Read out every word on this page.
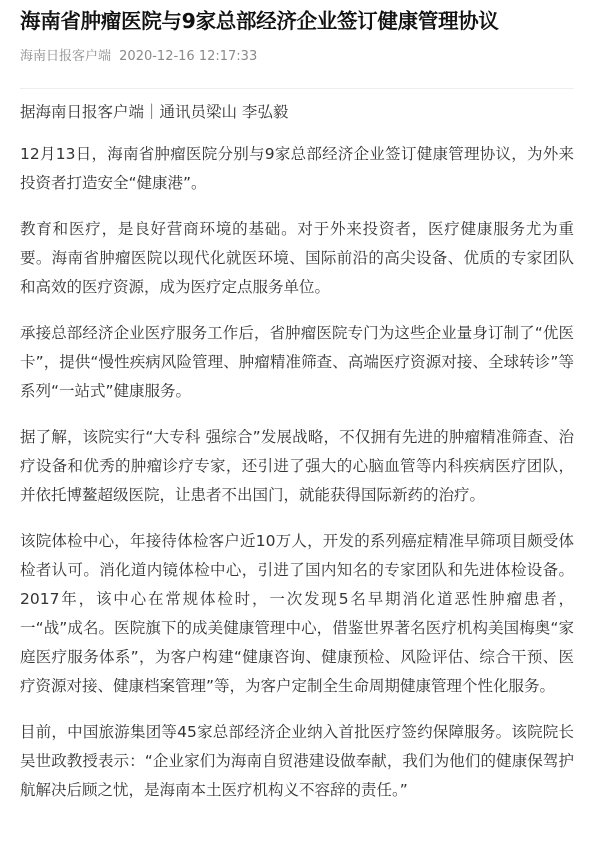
海南省肿瘤医院与9家总部经济企业签订健康管理协议
海南日报客户端 2020-12-16 12:17:33
据海南日报客户端｜通讯员梁山 李弘毅

12月13日，海南省肿瘤医院分别与9家总部经济企业签订健康管理协议，为外来投资者打造安全“健康港”。

教育和医疗，是良好营商环境的基础。对于外来投资者，医疗健康服务尤为重要。海南省肿瘤医院以现代化就医环境、国际前沿的高尖设备、优质的专家团队和高效的医疗资源，成为医疗定点服务单位。

承接总部经济企业医疗服务工作后，省肿瘤医院专门为这些企业量身订制了“优医卡”，提供“慢性疾病风险管理、肿瘤精准筛查、高端医疗资源对接、全球转诊”等系列“一站式”健康服务。

据了解，该院实行“大专科 强综合”发展战略，不仅拥有先进的肿瘤精准筛查、治疗设备和优秀的肿瘤诊疗专家，还引进了强大的心脑血管等内科疾病医疗团队，并依托博鳌超级医院，让患者不出国门，就能获得国际新药的治疗。

该院体检中心，年接待体检客户近10万人，开发的系列癌症精准早筛项目颇受体检者认可。消化道内镜体检中心，引进了国内知名的专家团队和先进体检设备。2017年，该中心在常规体检时，一次发现5名早期消化道恶性肿瘤患者，一“战”成名。医院旗下的成美健康管理中心，借鉴世界著名医疗机构美国梅奥“家庭医疗服务体系”，为客户构建“健康咨询、健康预检、风险评估、综合干预、医疗资源对接、健康档案管理”等，为客户定制全生命周期健康管理个性化服务。

目前，中国旅游集团等45家总部经济企业纳入首批医疗签约保障服务。该院院长吴世政教授表示：“企业家们为海南自贸港建设做奉献，我们为他们的健康保驾护航解决后顾之忧，是海南本土医疗机构义不容辞的责任。”
